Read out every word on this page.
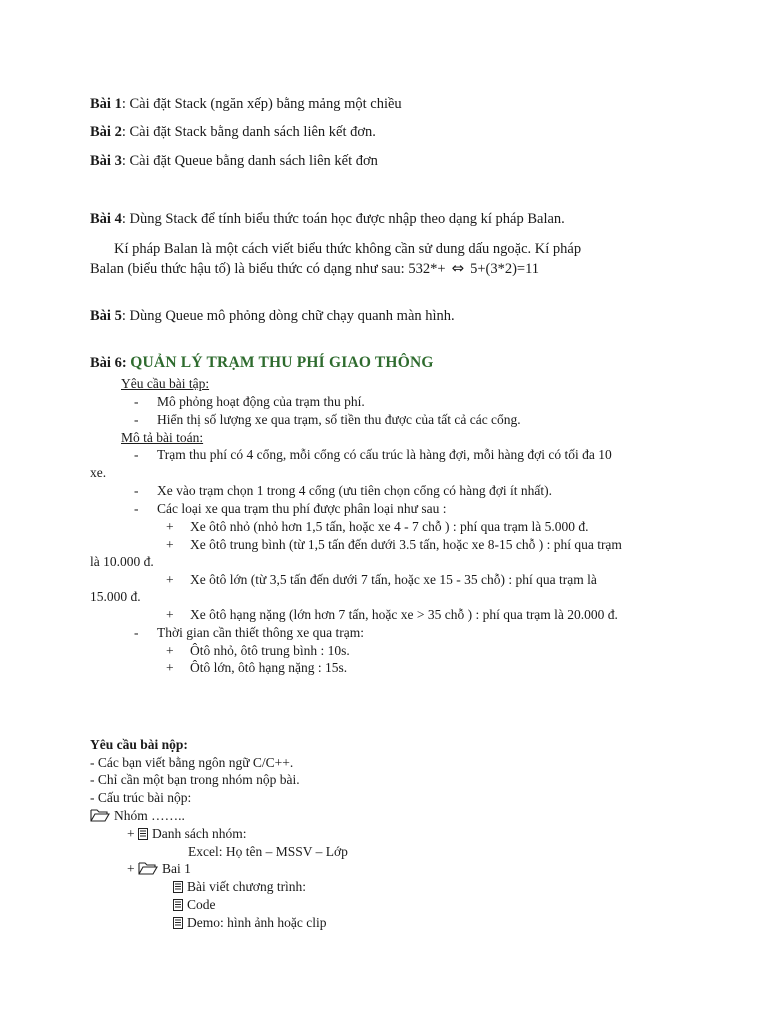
Bài 1: Cài đặt Stack (ngăn xếp) bằng mảng một chiều
Bài 2: Cài đặt Stack bằng danh sách liên kết đơn.
Bài 3: Cài đặt Queue bằng danh sách liên kết đơn
Bài 4: Dùng Stack để tính biểu thức toán học được nhập theo dạng kí pháp Balan.
Kí pháp Balan là một cách viết biểu thức không cần sử dung dấu ngoặc. Kí pháp
Balan (biểu thức hậu tố) là biểu thức có dạng như sau: 532*+ ⇔ 5+(3*2)=11
Bài 5: Dùng Queue mô phỏng dòng chữ chạy quanh màn hình.
Bài 6: QUẢN LÝ TRẠM THU PHÍ GIAO THÔNG
Yêu cầu bài tập:
- Mô phỏng hoạt động của trạm thu phí.
- Hiển thị số lượng xe qua trạm, số tiền thu được của tất cả các cổng.
Mô tả bài toán:
- Trạm thu phí có 4 cổng, mỗi cổng có cấu trúc là hàng đợi, mỗi hàng đợi có tối đa 10
xe.
- Xe vào trạm chọn 1 trong 4 cổng (ưu tiên chọn cổng có hàng đợi ít nhất).
- Các loại xe qua trạm thu phí được phân loại như sau :
+ Xe ôtô nhỏ (nhỏ hơn 1,5 tấn, hoặc xe 4 - 7 chỗ ) : phí qua trạm là 5.000 đ.
+ Xe ôtô trung bình (từ 1,5 tấn đến dưới 3.5 tấn, hoặc xe 8-15 chỗ ) : phí qua trạm
là 10.000 đ.
+ Xe ôtô lớn (từ 3,5 tấn đến dưới 7 tấn, hoặc xe 15 - 35 chỗ) : phí qua trạm là
15.000 đ.
+ Xe ôtô hạng nặng (lớn hơn 7 tấn, hoặc xe > 35 chỗ ) : phí qua trạm là 20.000 đ.
- Thời gian cần thiết thông xe qua trạm:
+ Ôtô nhỏ, ôtô trung bình : 10s.
+ Ôtô lớn, ôtô hạng nặng : 15s.
Yêu cầu bài nộp:
- Các bạn viết bằng ngôn ngữ C/C++.
- Chỉ cần một bạn trong nhóm nộp bài.
- Cấu trúc bài nộp:
Nhóm ……..
+ Danh sách nhóm:
Excel: Họ tên – MSSV – Lớp
+ Bai 1
Bài viết chương trình:
Code
Demo: hình ảnh hoặc clip
